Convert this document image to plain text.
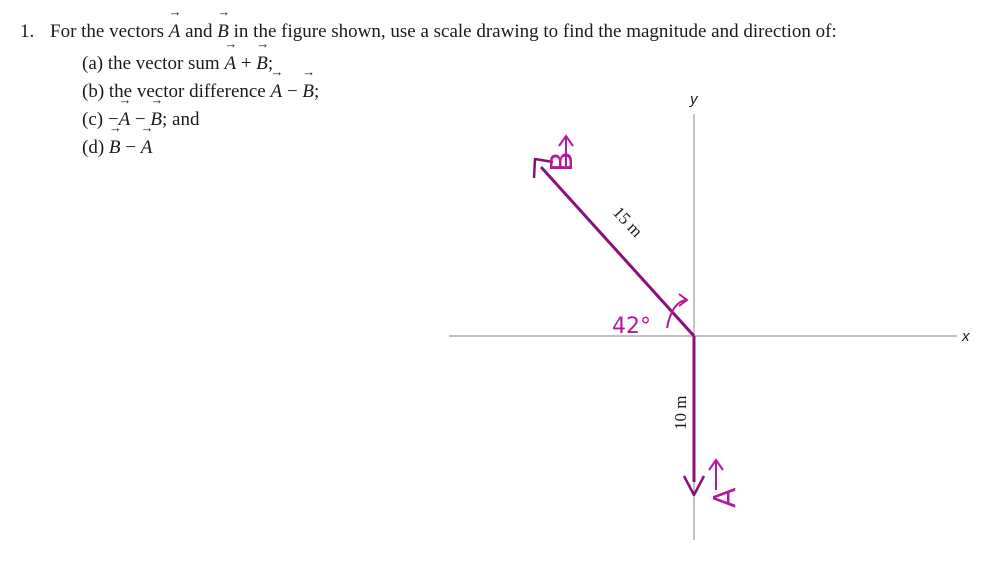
1. For the vectors → A and → B in the figure shown, use a scale drawing to find the magnitude and direction of:
(a) the vector sum → A + → B;
(b) the vector difference → A − → B;
(c) −→ A − → B; and
(d) → B − → A
x
y
10 m
15 m
42°
B
A
